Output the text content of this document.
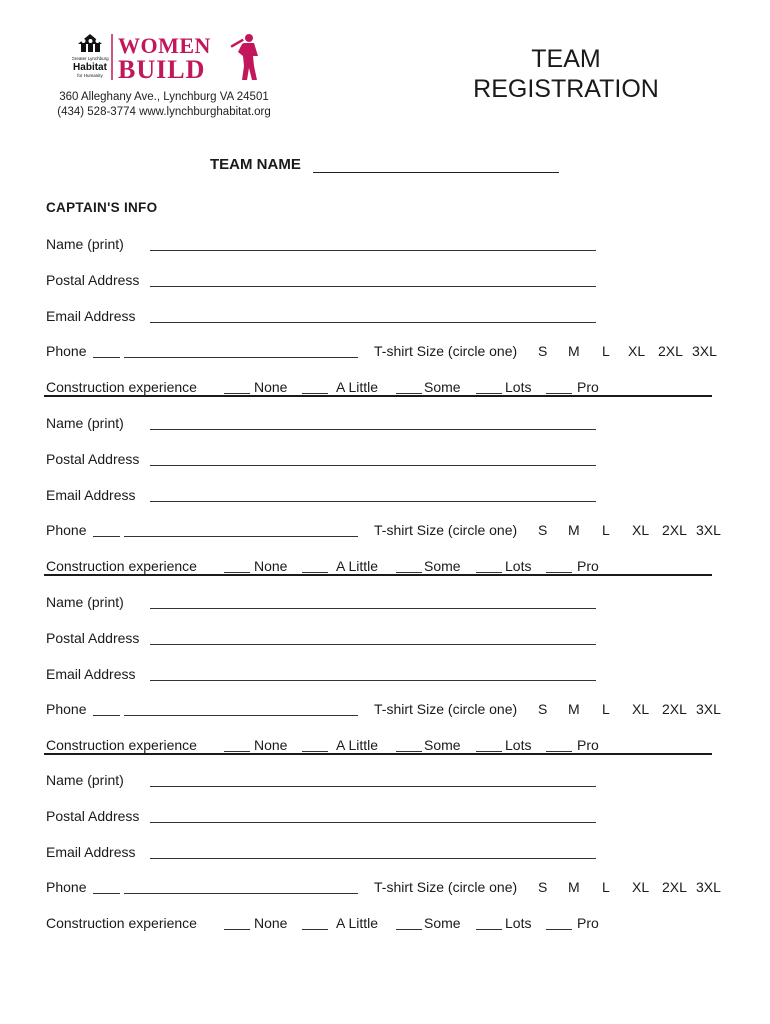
Greater Lynchburg
Habitat
for Humanity
WOMEN
BUILD
360 Alleghany Ave., Lynchburg VA 24501
(434) 528-3774 www.lynchburghabitat.org
TEAM
REGISTRATION
TEAM NAME
CAPTAIN'S INFO
Name (print)
Postal Address
Email Address
Phone	T-shirt Size (circle one) S M L XL 2XL 3XL
Construction experience	None	A Little	Some	Lots	Pro
Name (print)
Postal Address
Email Address
Phone	T-shirt Size (circle one) S M L XL 2XL 3XL
Construction experience	None	A Little	Some	Lots	Pro
Name (print)
Postal Address
Email Address
Phone	T-shirt Size (circle one) S M L XL 2XL 3XL
Construction experience	None	A Little	Some	Lots	Pro
Name (print)
Postal Address
Email Address
Phone	T-shirt Size (circle one) S M L XL 2XL 3XL
Construction experience	None	A Little	Some	Lots	Pro
